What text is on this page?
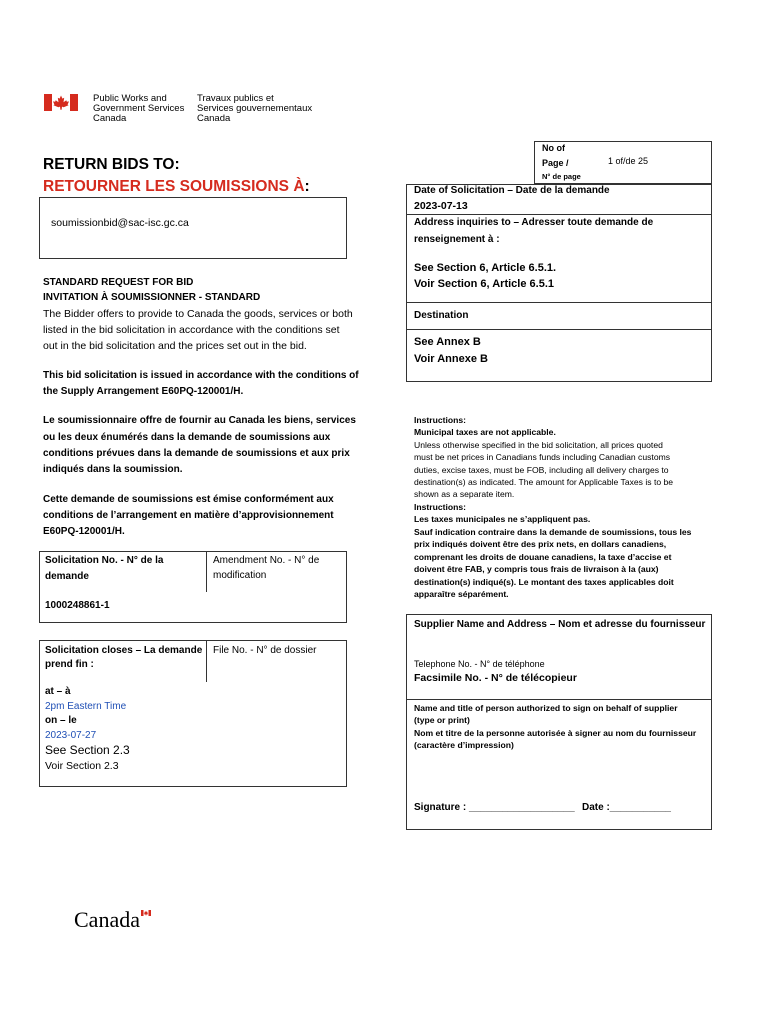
Public Works and
Government Services
Canada
Travaux publics et
Services gouvernementaux
Canada
RETURN BIDS TO:
RETOURNER LES SOUMISSIONS À:
soumissionbid@sac-isc.gc.ca
No of
Page /
N° de page
1 of/de 25
Date of Solicitation – Date de la demande
2023-07-13
Address inquiries to – Adresser toute demande de
renseignement à :
See Section 6, Article 6.5.1.
Voir Section 6, Article 6.5.1
Destination
See Annex B
Voir Annexe B
STANDARD REQUEST FOR BID
INVITATION À SOUMISSIONNER - STANDARD
The Bidder offers to provide to Canada the goods, services or both
listed in the bid solicitation in accordance with the conditions set
out in the bid solicitation and the prices set out in the bid.
This bid solicitation is issued in accordance with the conditions of
the Supply Arrangement E60PQ-120001/H.
Le soumissionnaire offre de fournir au Canada les biens, services
ou les deux énumérés dans la demande de soumissions aux
conditions prévues dans la demande de soumissions et aux prix
indiqués dans la soumission.
Cette demande de soumissions est émise conformément aux
conditions de l’arrangement en matière d’approvisionnement
E60PQ-120001/H.
Instructions:
Municipal taxes are not applicable.
Unless otherwise specified in the bid solicitation, all prices quoted
must be net prices in Canadians funds including Canadian customs
duties, excise taxes, must be FOB, including all delivery charges to
destination(s) as indicated. The amount for Applicable Taxes is to be
shown as a separate item.
Instructions:
Les taxes municipales ne s’appliquent pas.
Sauf indication contraire dans la demande de soumissions, tous les
prix indiqués doivent être des prix nets, en dollars canadiens,
comprenant les droits de douane canadiens, la taxe d’accise et
doivent être FAB, y compris tous frais de livraison à la (aux)
destination(s) indiqué(s). Le montant des taxes applicables doit
apparaître séparément.
Solicitation No. - N° de la
demande
1000248861-1
Amendment No. - N° de
modification
Solicitation closes – La demande
prend fin :
at – à
2pm Eastern Time
on – le
2023-07-27
See Section 2.3
Voir Section 2.3
File No. - N° de dossier
Supplier Name and Address – Nom et adresse du fournisseur
Telephone No. - N° de téléphone
Facsimile No. - N° de télécopieur
Name and title of person authorized to sign on behalf of supplier
(type or print)
Nom et titre de la personne autorisée à signer au nom du fournisseur
(caractère d’impression)
Signature : ___________________ Date :___________
Canada
